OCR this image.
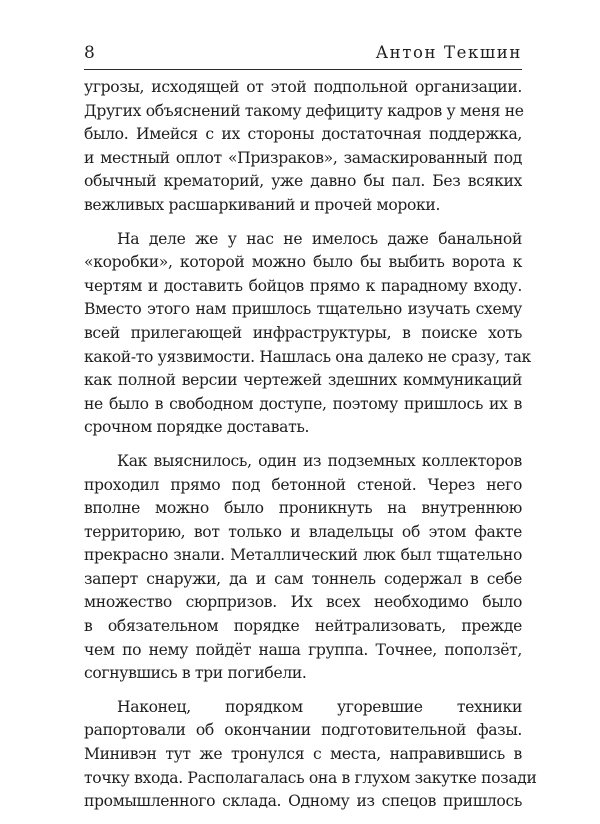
8	Антон Текшин
угрозы, исходящей от этой подпольной организации.
Других объяснений такому дефициту кадров у меня не
было. Имейся с их стороны достаточная поддержка,
и местный оплот «Призраков», замаскированный под
обычный крематорий, уже давно бы пал. Без всяких
вежливых расшаркиваний и прочей мороки.
На деле же у нас не имелось даже банальной
«коробки», которой можно было бы выбить ворота к
чертям и доставить бойцов прямо к парадному входу.
Вместо этого нам пришлось тщательно изучать схему
всей прилегающей инфраструктуры, в поиске хоть
какой-то уязвимости. Нашлась она далеко не сразу, так
как полной версии чертежей здешних коммуникаций
не было в свободном доступе, поэтому пришлось их в
срочном порядке доставать.
Как выяснилось, один из подземных коллекторов
проходил прямо под бетонной стеной. Через него
вполне можно было проникнуть на внутреннюю
территорию, вот только и владельцы об этом факте
прекрасно знали. Металлический люк был тщательно
заперт снаружи, да и сам тоннель содержал в себе
множество сюрпризов. Их всех необходимо было
в обязательном порядке нейтрализовать, прежде
чем по нему пойдёт наша группа. Точнее, поползёт,
согнувшись в три погибели.
Наконец, порядком угоревшие техники
рапортовали об окончании подготовительной фазы.
Минивэн тут же тронулся с места, направившись в
точку входа. Располагалась она в глухом закутке позади
промышленного склада. Одному из спецов пришлось
